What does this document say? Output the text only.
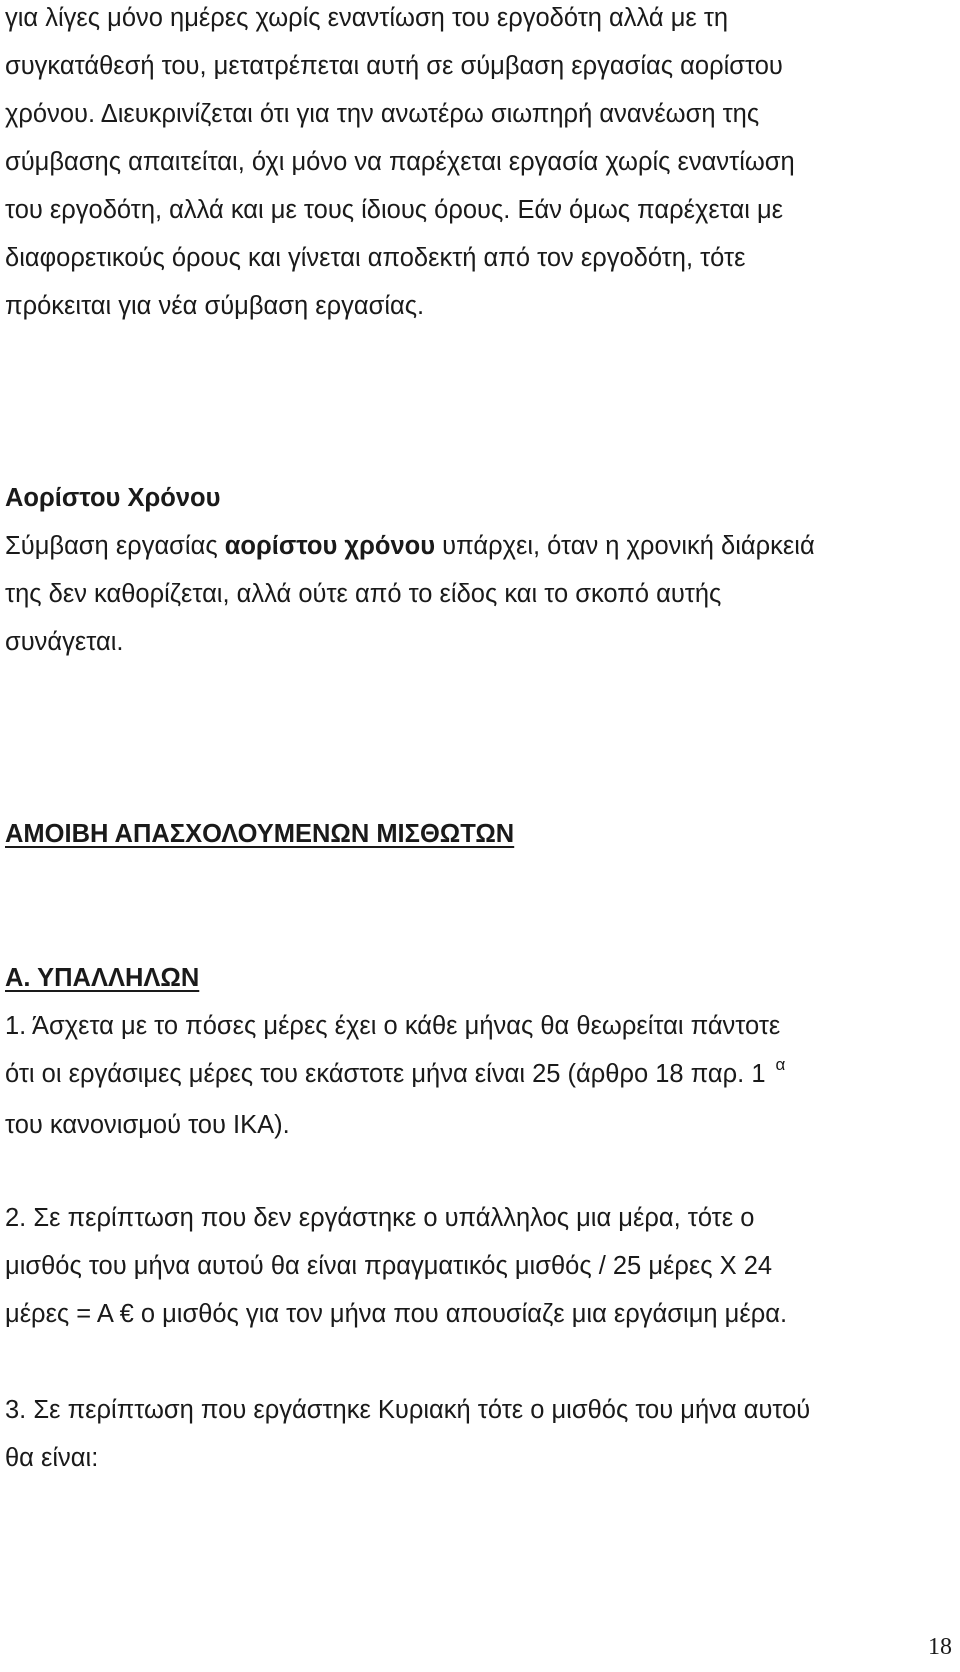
για λίγες μόνο ημέρες χωρίς εναντίωση του εργοδότη αλλά με τη
συγκατάθεσή του, μετατρέπεται αυτή σε σύμβαση εργασίας αορίστου
χρόνου. Διευκρινίζεται ότι για την ανωτέρω σιωπηρή ανανέωση της
σύμβασης απαιτείται, όχι μόνο να παρέχεται εργασία χωρίς εναντίωση
του εργοδότη, αλλά και με τους ίδιους όρους. Εάν όμως παρέχεται με
διαφορετικούς όρους και γίνεται αποδεκτή από τον εργοδότη, τότε
πρόκειται για νέα σύμβαση εργασίας.

Αορίστου Χρόνου
Σύμβαση εργασίας αορίστου χρόνου υπάρχει, όταν η χρονική διάρκειά
της δεν καθορίζεται, αλλά ούτε από το είδος και το σκοπό αυτής
συνάγεται.

ΑΜΟΙΒΗ ΑΠΑΣΧΟΛΟΥΜΕΝΩΝ ΜΙΣΘΩΤΩΝ

Α. ΥΠΑΛΛΗΛΩΝ

1. Άσχετα με το πόσες μέρες έχει ο κάθε μήνας θα θεωρείται πάντοτε
ότι οι εργάσιμες μέρες του εκάστοτε μήνα είναι 25 (άρθρο 18 παρ. 1 $^\alpha$
του κανονισμού του ΙΚΑ).

2. Σε περίπτωση που δεν εργάστηκε ο υπάλληλος μια μέρα, τότε ο
μισθός του μήνα αυτού θα είναι πραγματικός μισθός / 25 μέρες Χ 24
μέρες = Α € ο μισθός για τον μήνα που απουσίαζε μια εργάσιμη μέρα.

3. Σε περίπτωση που εργάστηκε Κυριακή τότε ο μισθός του μήνα αυτού
θα είναι:

18
